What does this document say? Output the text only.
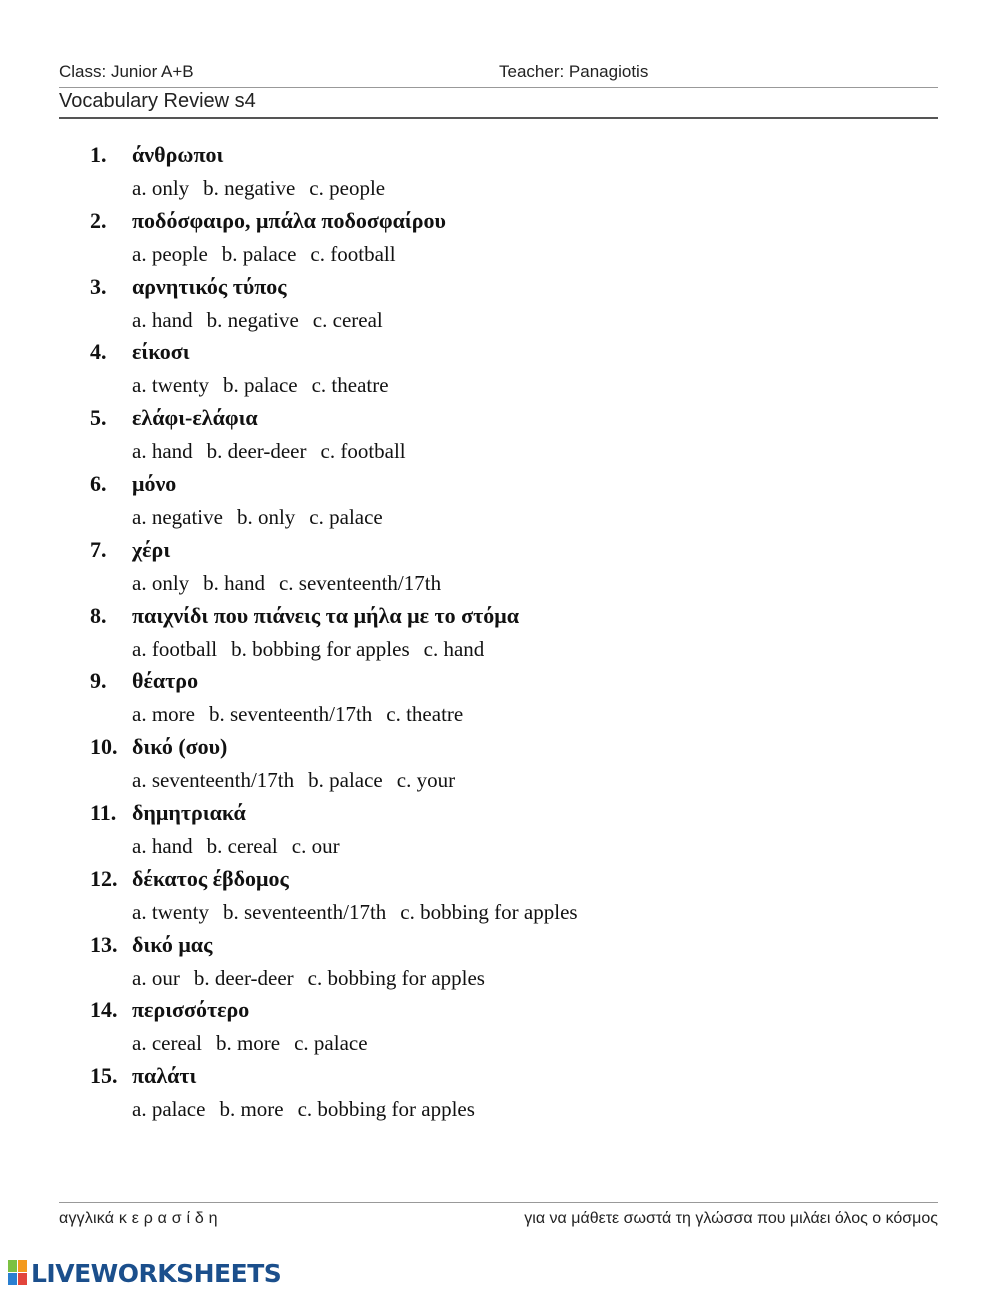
Class: Junior A+B	Teacher: Panagiotis
Vocabulary Review s4
1.	άνθρωποι
a. only b. negative c. people
2.	ποδόσφαιρο, μπάλα ποδοσφαίρου
a. people b. palace c. football
3.	αρνητικός τύπος
a. hand b. negative c. cereal
4.	είκοσι
a. twenty b. palace c. theatre
5.	ελάφι-ελάφια
a. hand b. deer-deer c. football
6.	μόνο
a. negative b. only c. palace
7.	χέρι
a. only b. hand c. seventeenth/17th
8.	παιχνίδι που πιάνεις τα μήλα με το στόμα
a. football b. bobbing for apples c. hand
9.	θέατρο
a. more b. seventeenth/17th c. theatre
10. δικό (σου)
a. seventeenth/17th b. palace c. your
11. δημητριακά
a. hand b. cereal c. our
12. δέκατος έβδομος
a. twenty b. seventeenth/17th c. bobbing for apples
13. δικό μας
a. our b. deer-deer c. bobbing for apples
14. περισσότερο
a. cereal b. more c. palace
15. παλάτι
a. palace b. more c. bobbing for apples
αγγλικά κ ε ρ α σ ί δ η	για να μάθετε σωστά τη γλώσσα που μιλάει όλος ο κόσμος
LIVEWORKSHEETS
